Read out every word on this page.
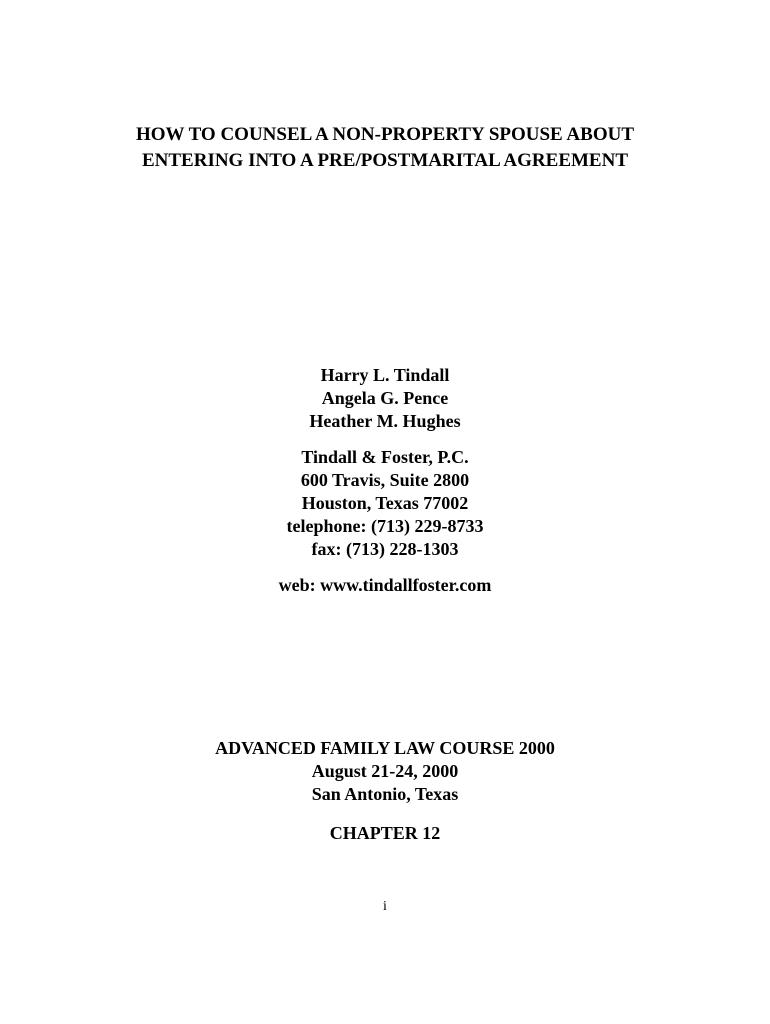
HOW TO COUNSEL A NON-PROPERTY SPOUSE ABOUT
ENTERING INTO A PRE/POSTMARITAL AGREEMENT
Harry L. Tindall
Angela G. Pence
Heather M. Hughes
Tindall & Foster, P.C.
600 Travis, Suite 2800
Houston, Texas 77002
telephone: (713) 229-8733
fax: (713) 228-1303
web: www.tindallfoster.com
ADVANCED FAMILY LAW COURSE 2000
August 21-24, 2000
San Antonio, Texas
CHAPTER 12
i
